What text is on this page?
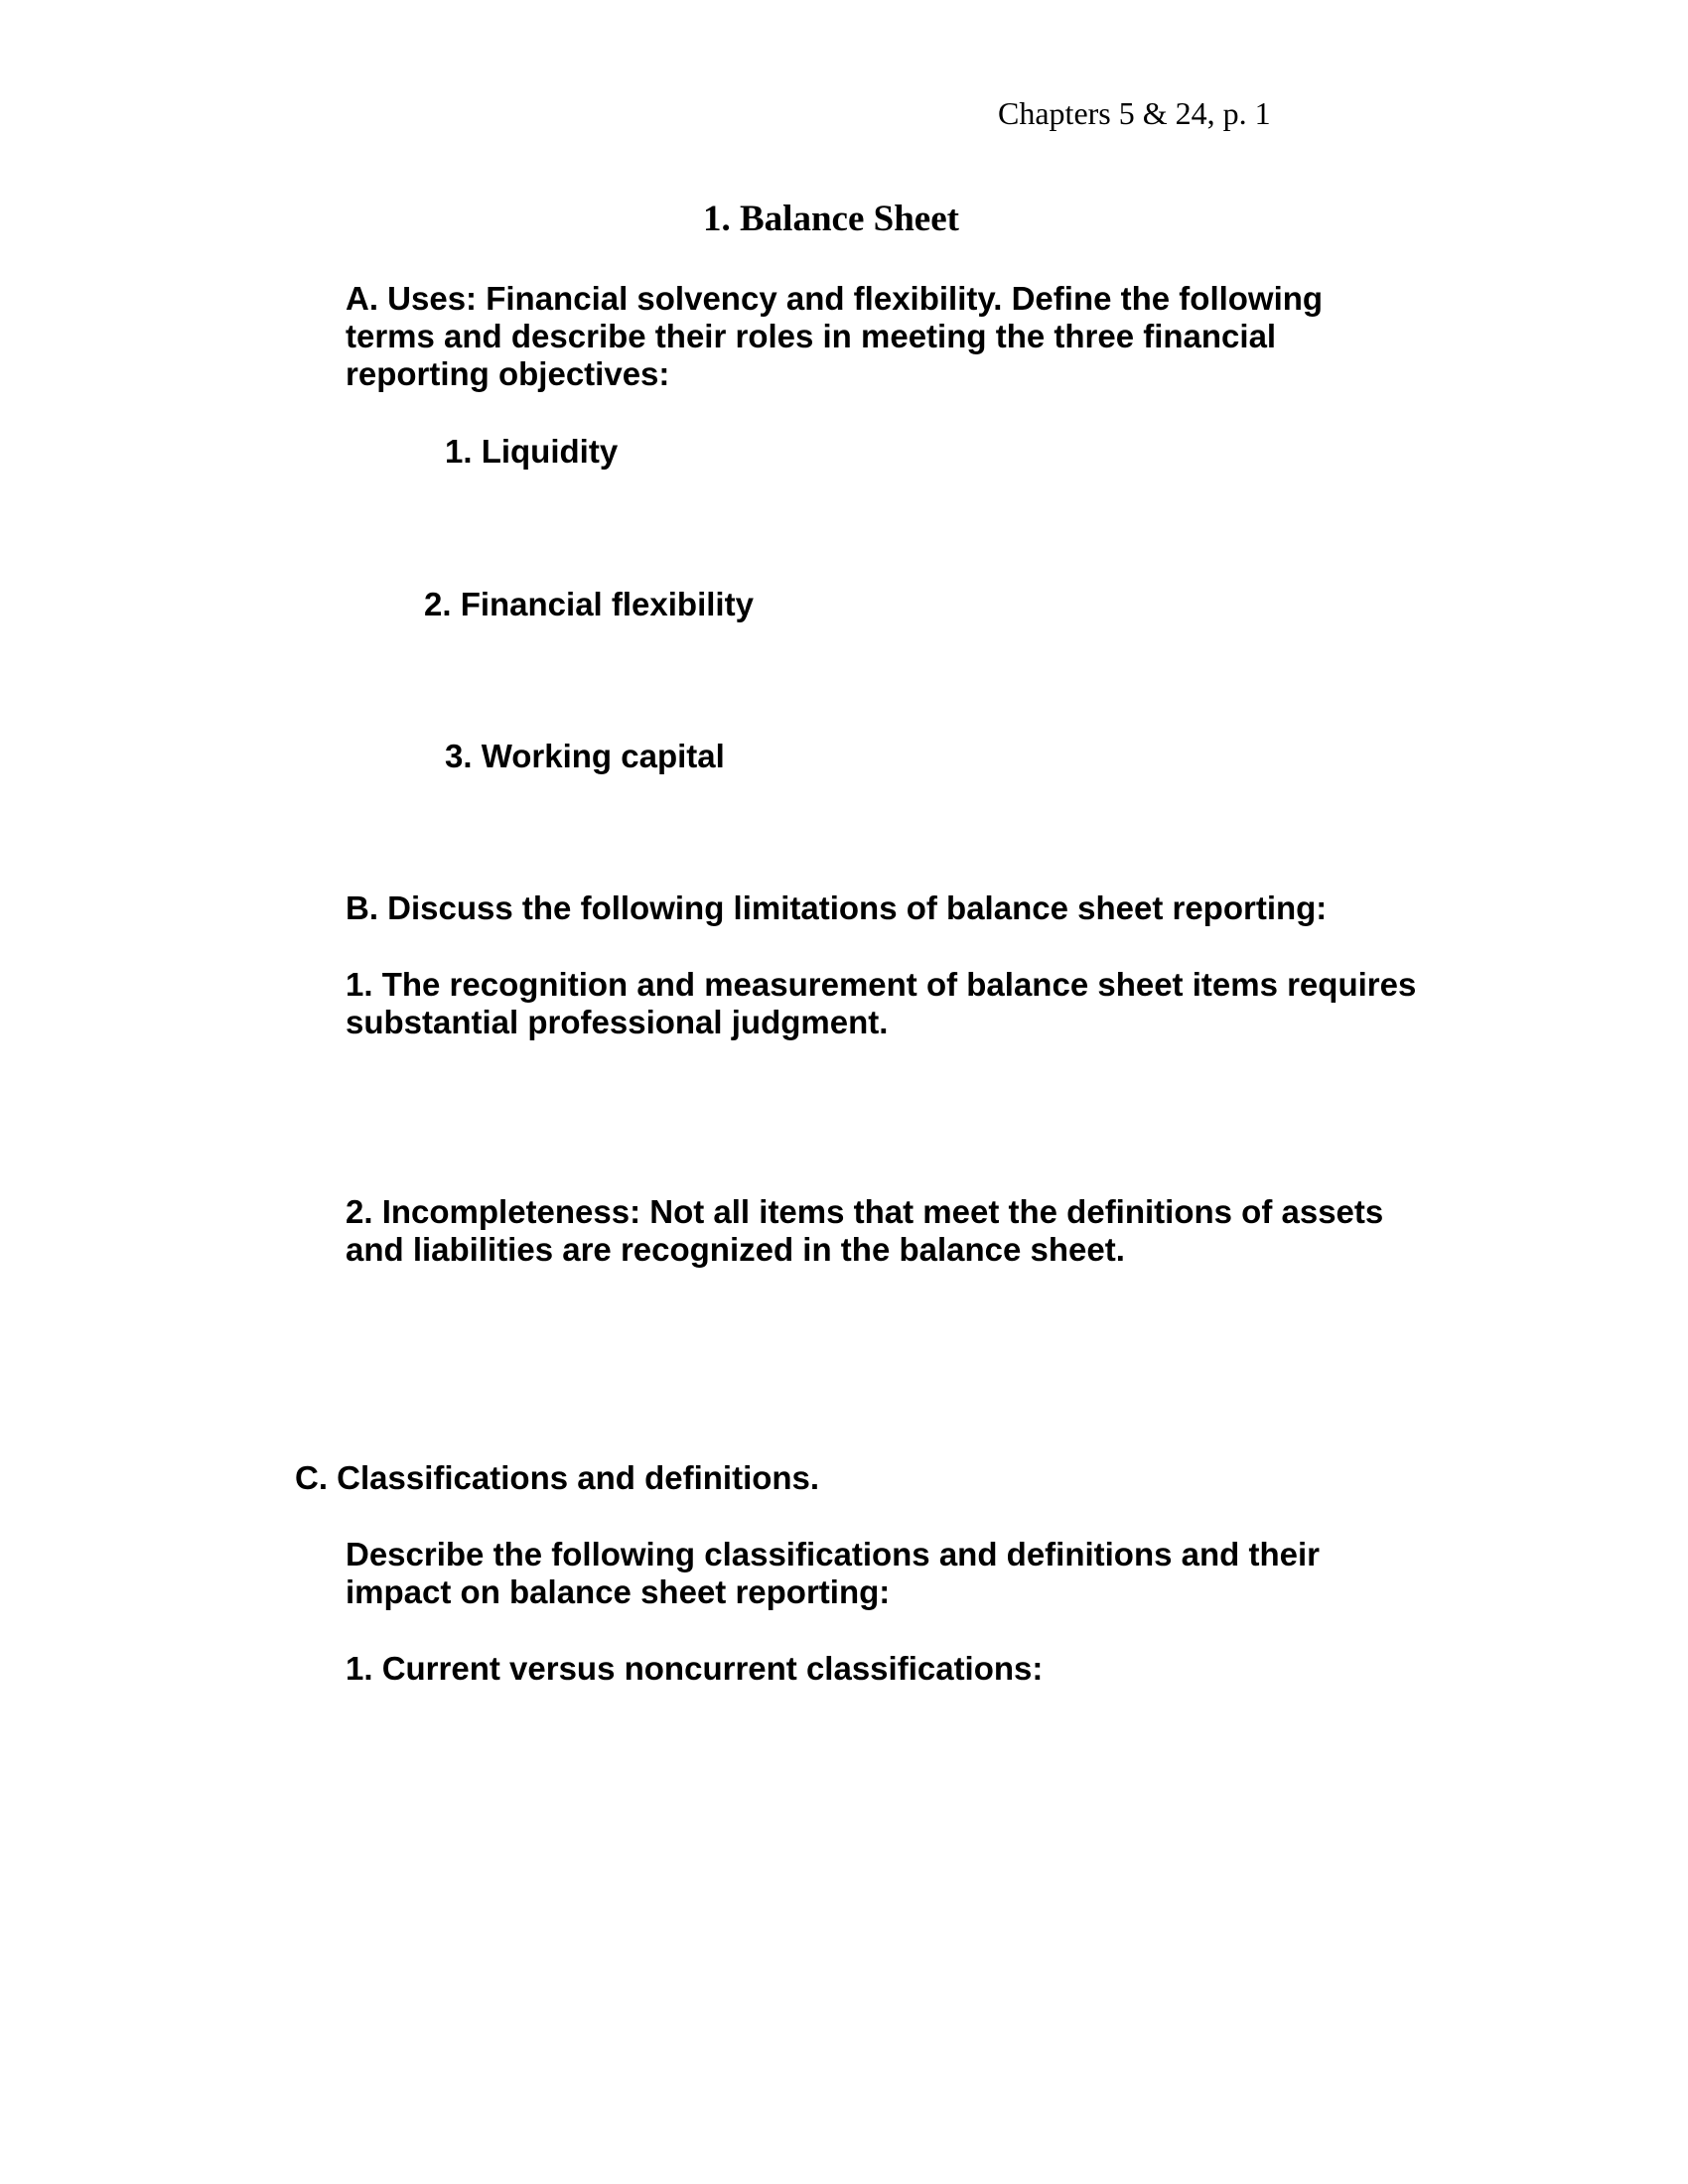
Chapters 5 & 24, p. 1

1. Balance Sheet

A. Uses: Financial solvency and flexibility. Define the following terms and describe their roles in meeting the three financial reporting objectives:

1. Liquidity

2. Financial flexibility

3. Working capital

B. Discuss the following limitations of balance sheet reporting:

1. The recognition and measurement of balance sheet items requires substantial professional judgment.

2. Incompleteness: Not all items that meet the definitions of assets and liabilities are recognized in the balance sheet.

C. Classifications and definitions.

Describe the following classifications and definitions and their impact on balance sheet reporting:

1. Current versus noncurrent classifications:
